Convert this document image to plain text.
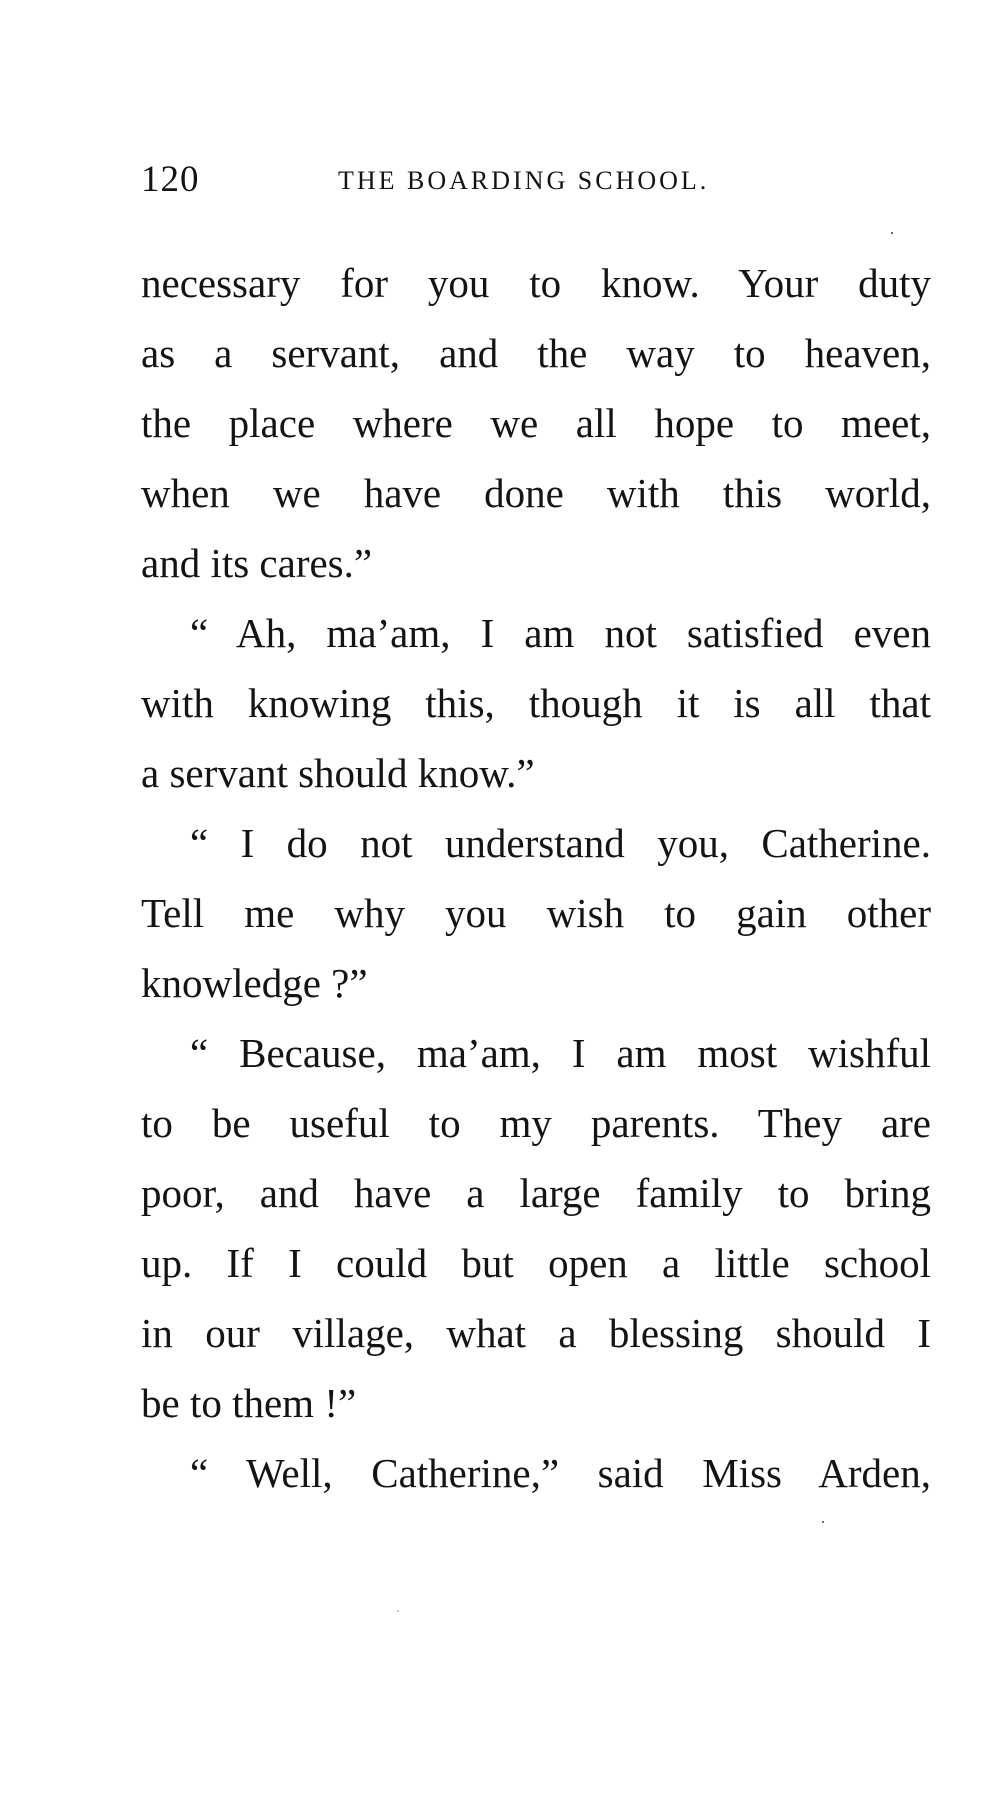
120	THE BOARDING SCHOOL.
necessary for you to know. Your duty
as a servant, and the way to heaven,
the place where we all hope to meet,
when we have done with this world,
and its cares.”
“ Ah, ma’am, I am not satisfied even
with knowing this, though it is all that
a servant should know.”
“ I do not understand you, Catherine.
Tell me why you wish to gain other
knowledge ?”
“ Because, ma’am, I am most wishful
to be useful to my parents. They are
poor, and have a large family to bring
up. If I could but open a little school
in our village, what a blessing should I
be to them !”
“ Well, Catherine,” said Miss Arden,
